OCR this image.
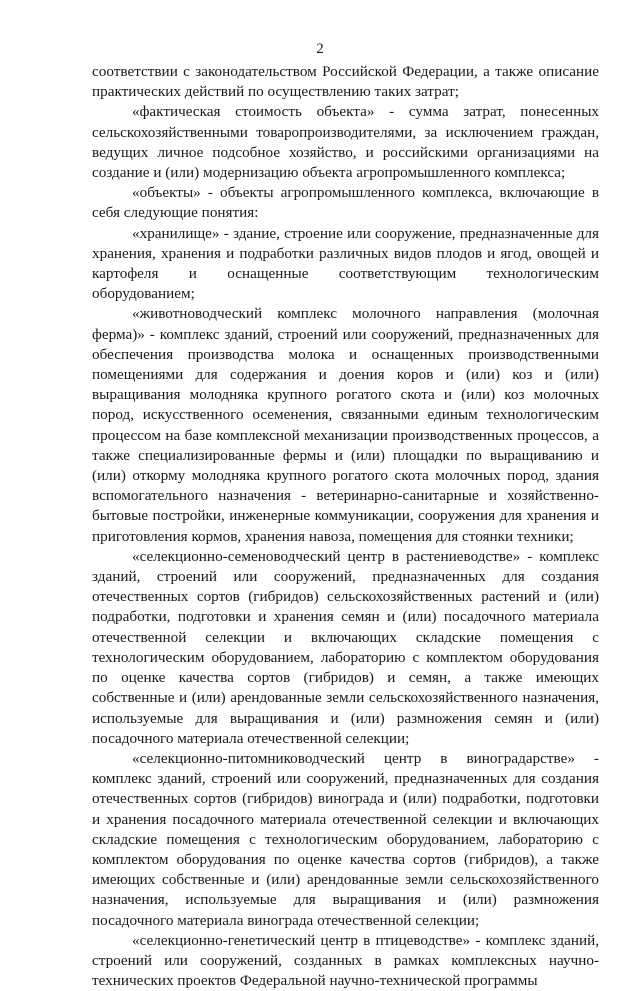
2

соответствии с законодательством Российской Федерации, а также описание практических действий по осуществлению таких затрат;

«фактическая стоимость объекта» - сумма затрат, понесенных сельскохозяйственными товаропроизводителями, за исключением граждан, ведущих личное подсобное хозяйство, и российскими организациями на создание и (или) модернизацию объекта агропромышленного комплекса;

«объекты» - объекты агропромышленного комплекса, включающие в себя следующие понятия:

«хранилище» - здание, строение или сооружение, предназначенные для хранения, хранения и подработки различных видов плодов и ягод, овощей и картофеля и оснащенные соответствующим технологическим оборудованием;

«животноводческий комплекс молочного направления (молочная ферма)» - комплекс зданий, строений или сооружений, предназначенных для обеспечения производства молока и оснащенных производственными помещениями для содержания и доения коров и (или) коз и (или) выращивания молодняка крупного рогатого скота и (или) коз молочных пород, искусственного осеменения, связанными единым технологическим процессом на базе комплексной механизации производственных процессов, а также специализированные фермы и (или) площадки по выращиванию и (или) откорму молодняка крупного рогатого скота молочных пород, здания вспомогательного назначения - ветеринарно-санитарные и хозяйственно-бытовые постройки, инженерные коммуникации, сооружения для хранения и приготовления кормов, хранения навоза, помещения для стоянки техники;

«селекционно-семеноводческий центр в растениеводстве» - комплекс зданий, строений или сооружений, предназначенных для создания отечественных сортов (гибридов) сельскохозяйственных растений и (или) подработки, подготовки и хранения семян и (или) посадочного материала отечественной селекции и включающих складские помещения с технологическим оборудованием, лабораторию с комплектом оборудования по оценке качества сортов (гибридов) и семян, а также имеющих собственные и (или) арендованные земли сельскохозяйственного назначения, используемые для выращивания и (или) размножения семян и (или) посадочного материала отечественной селекции;

«селекционно-питомниководческий центр в виноградарстве» - комплекс зданий, строений или сооружений, предназначенных для создания отечественных сортов (гибридов) винограда и (или) подработки, подготовки и хранения посадочного материала отечественной селекции и включающих складские помещения с технологическим оборудованием, лабораторию с комплектом оборудования по оценке качества сортов (гибридов), а также имеющих собственные и (или) арендованные земли сельскохозяйственного назначения, используемые для выращивания и (или) размножения посадочного материала винограда отечественной селекции;

«селекционно-генетический центр в птицеводстве» - комплекс зданий, строений или сооружений, созданных в рамках комплексных научно-технических проектов Федеральной научно-технической программы
